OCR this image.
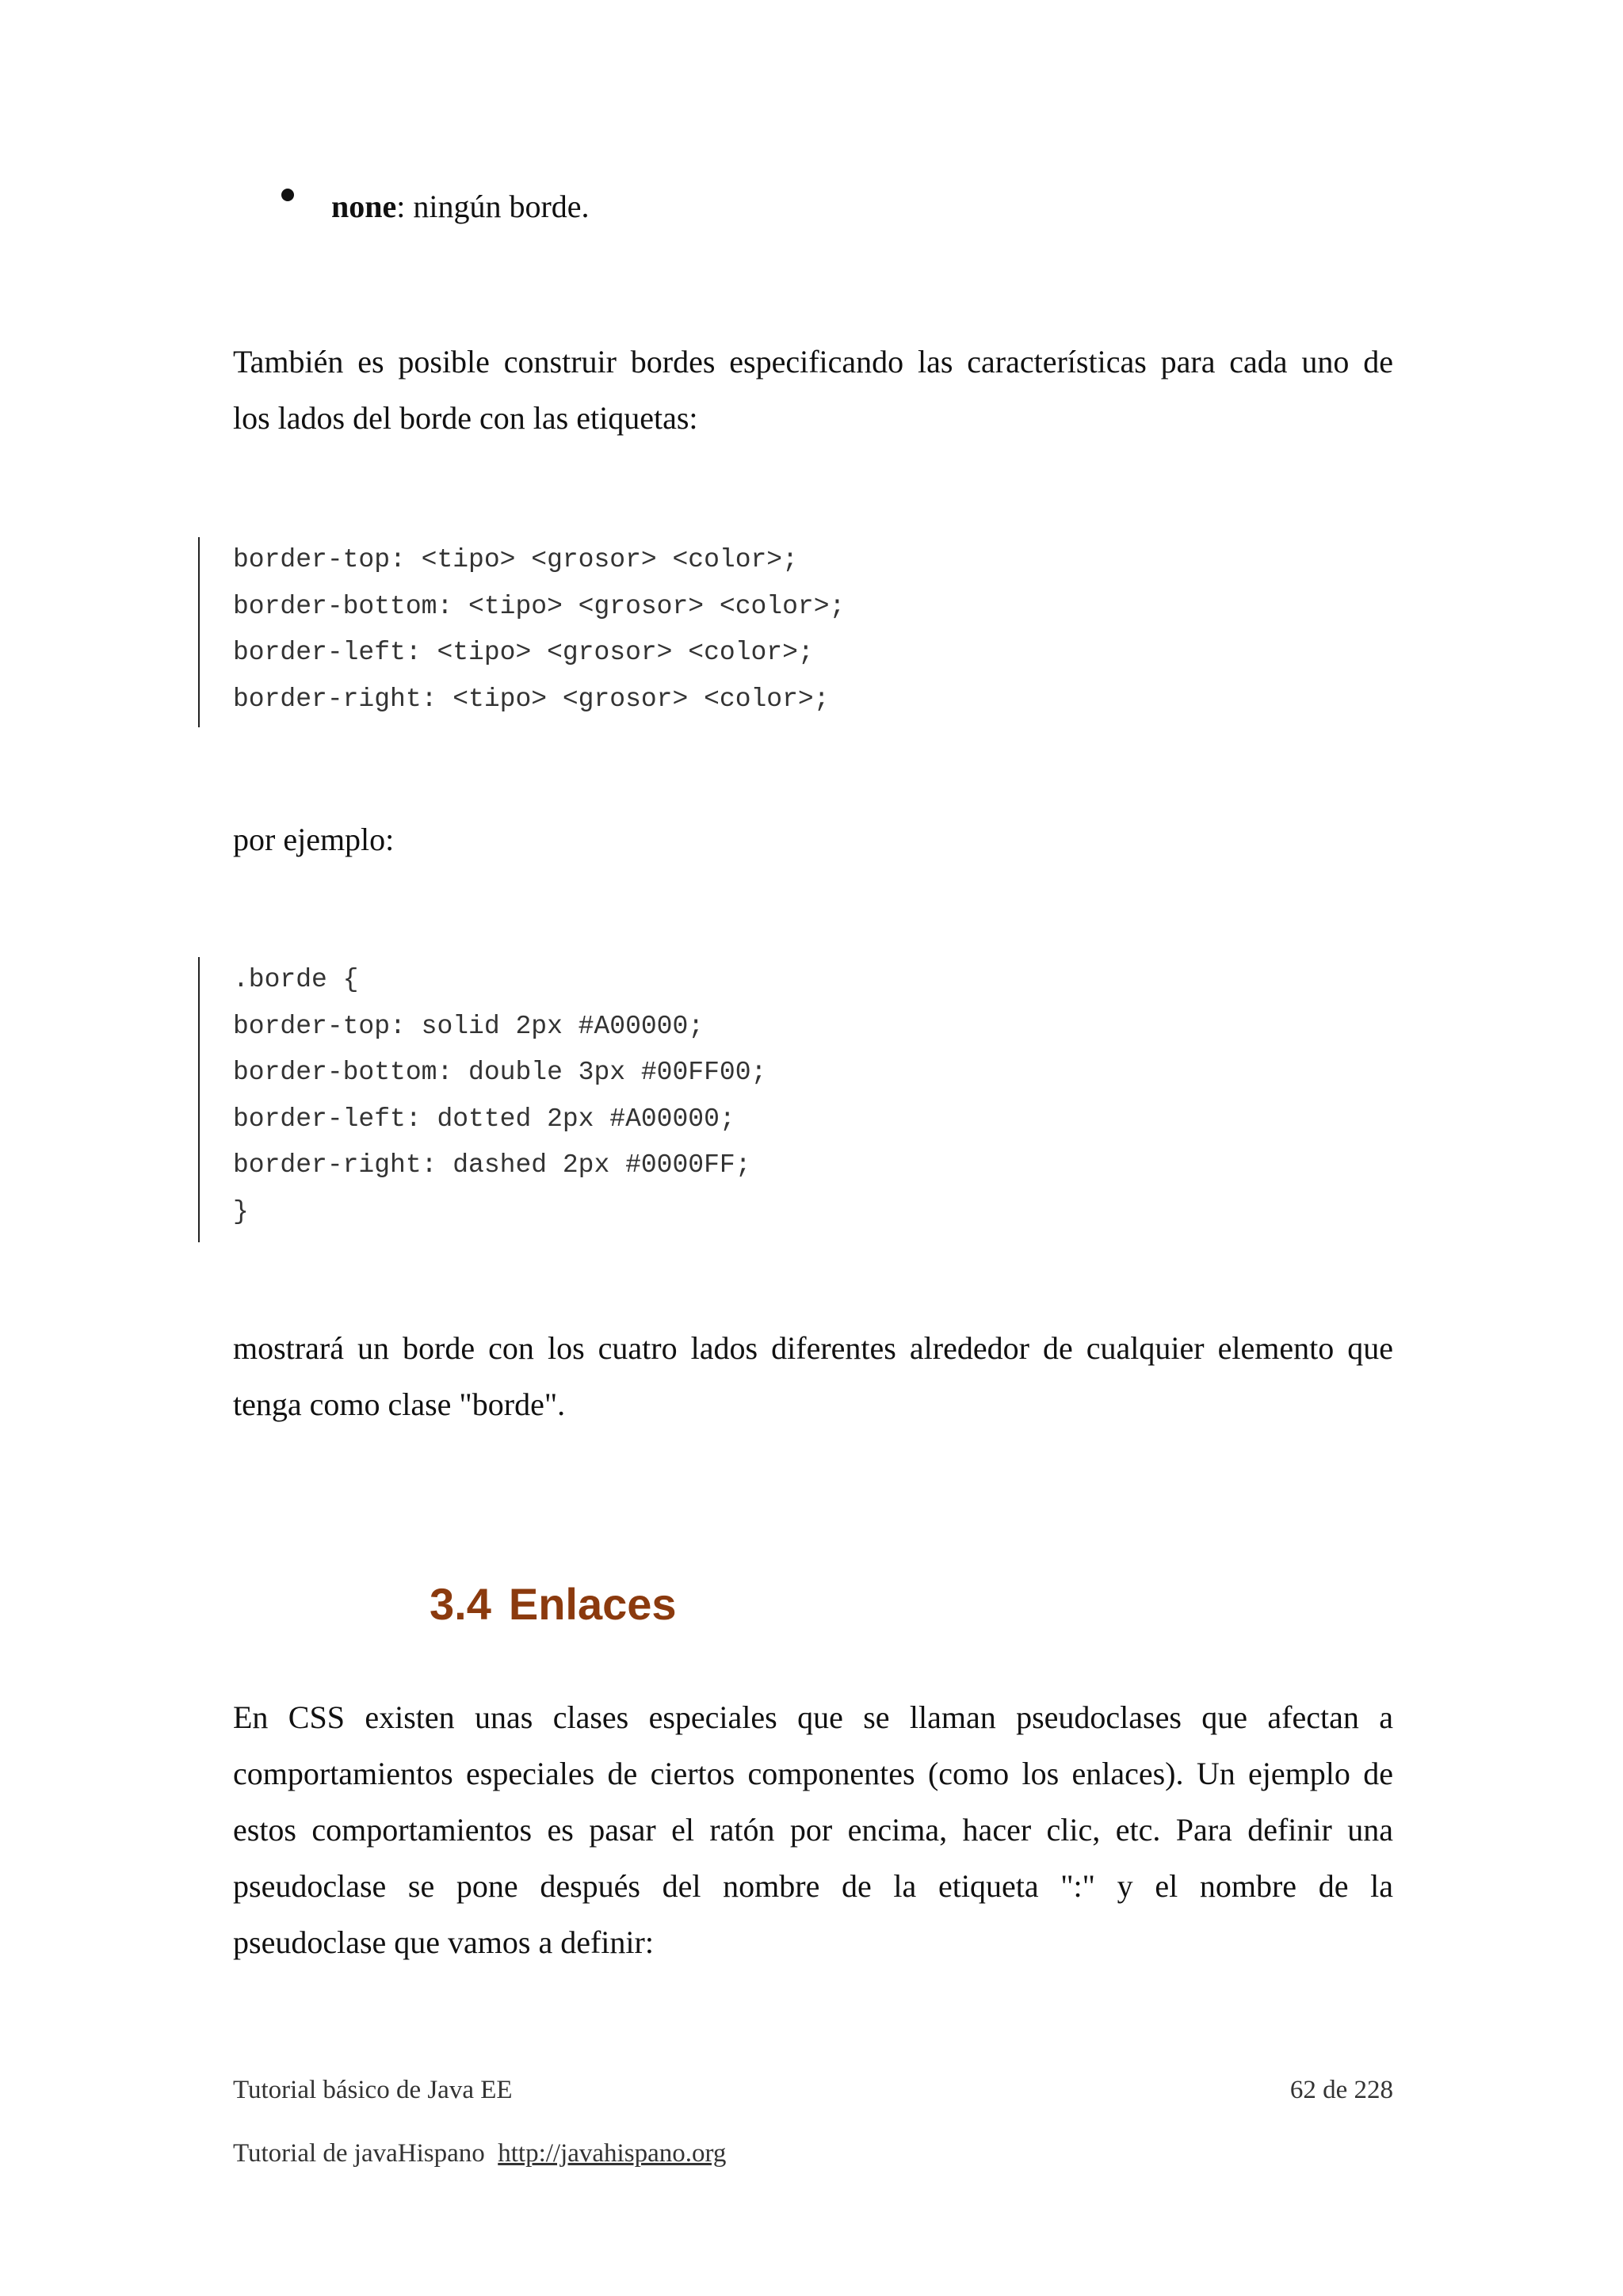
none: ningún borde.
También es posible construir bordes especificando las características para cada uno de
los lados del borde con las etiquetas:
border-top: <tipo> <grosor> <color>;
border-bottom: <tipo> <grosor> <color>;
border-left: <tipo> <grosor> <color>;
border-right: <tipo> <grosor> <color>;
por ejemplo:
.borde {
border-top: solid 2px #A00000;
border-bottom: double 3px #00FF00;
border-left: dotted 2px #A00000;
border-right: dashed 2px #0000FF;
}
mostrará un borde con los cuatro lados diferentes alrededor de cualquier elemento que
tenga como clase "borde".
3.4 Enlaces
En CSS existen unas clases especiales que se llaman pseudoclases que afectan a
comportamientos especiales de ciertos componentes (como los enlaces). Un ejemplo de
estos comportamientos es pasar el ratón por encima, hacer clic, etc. Para definir una
pseudoclase se pone después del nombre de la etiqueta ":" y el nombre de la
pseudoclase que vamos a definir:
Tutorial básico de Java EE	62 de 228
Tutorial de javaHispano http://javahispano.org
